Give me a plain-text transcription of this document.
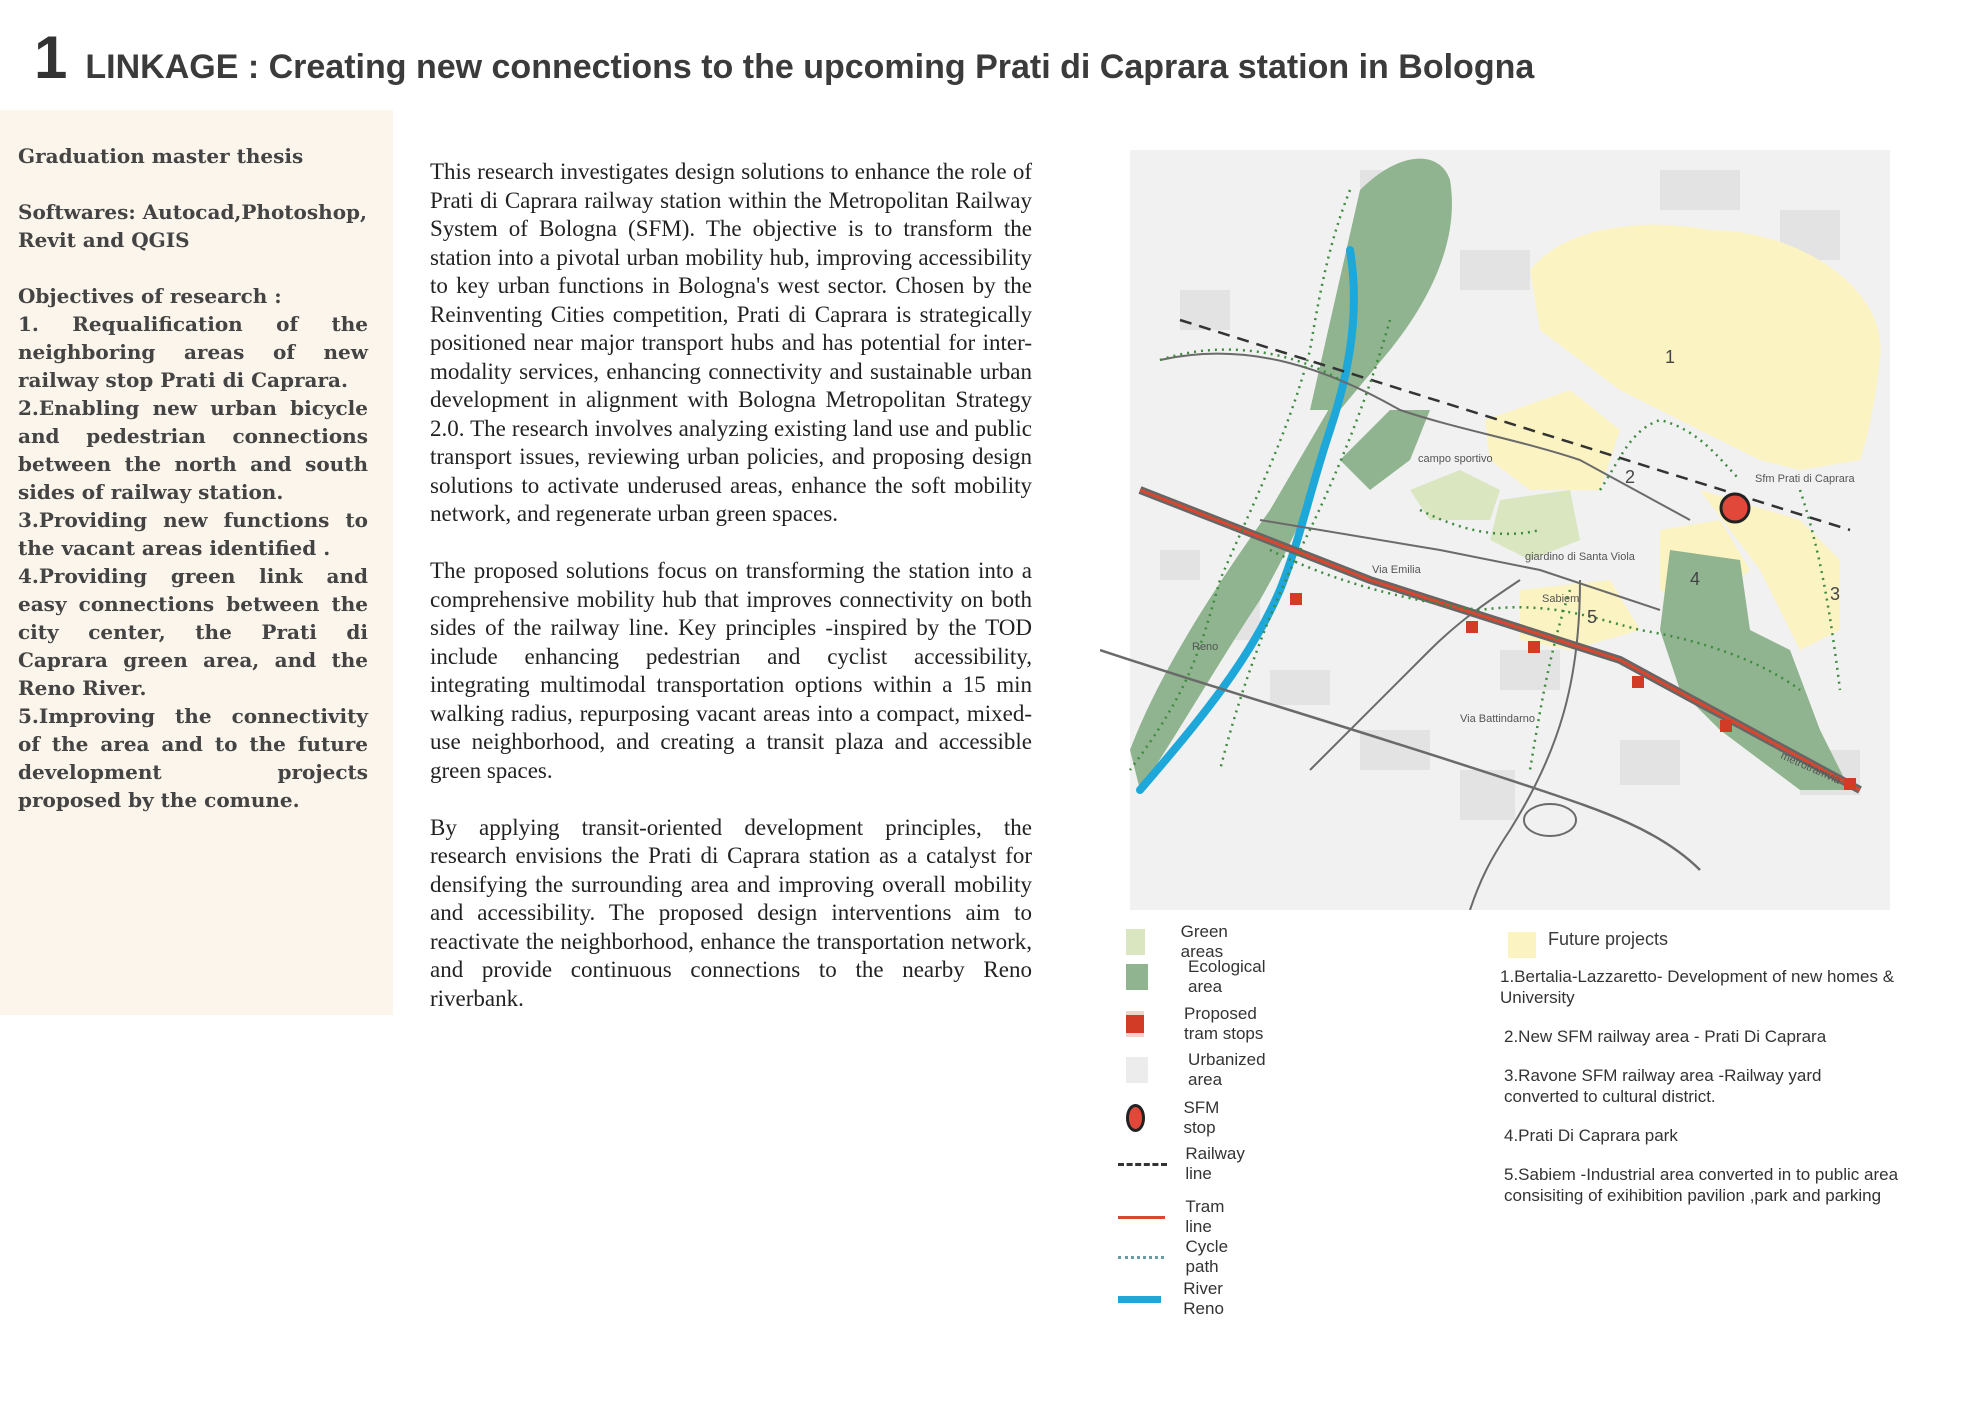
1 LINKAGE : Creating new connections to the upcoming Prati di Caprara station in Bologna

Graduation master thesis

Softwares: Autocad,Photoshop, Revit and QGIS

Objectives of research :
1. Requalification of the neighboring areas of new railway stop Prati di Caprara.
2.Enabling new urban bicycle and pedestrian connections between the north and south sides of railway station.
3.Providing new functions to the vacant areas identified .
4.Providing green link and easy connections between the city center, the Prati di Caprara green area, and the Reno River.
5.Improving the connectivity of the area and to the future development projects proposed by the comune.

This research investigates design solutions to enhance the role of Prati di Caprara railway station within the Metropolitan Railway System of Bologna (SFM). The objective is to transform the station into a pivotal urban mobility hub, improving accessibility to key urban functions in Bologna's west sector. Chosen by the Reinventing Cities competition, Prati di Caprara is strategically positioned near major transport hubs and has potential for inter-modality services, enhancing connectivity and sustainable urban development in alignment with Bologna Metropolitan Strategy 2.0. The research involves analyzing existing land use and public transport issues, reviewing urban policies, and proposing design solutions to activate underused areas, enhance the soft mobility network, and regenerate urban green spaces.

The proposed solutions focus on transforming the station into a comprehensive mobility hub that improves connectivity on both sides of the railway line. Key principles -inspired by the TOD include enhancing pedestrian and cyclist accessibility, integrating multimodal transportation options within a 15 min walking radius, repurposing vacant areas into a compact, mixed-use neighborhood, and creating a transit plaza and accessible green spaces.

By applying transit-oriented development principles, the research envisions the Prati di Caprara station as a catalyst for densifying the surrounding area and improving overall mobility and accessibility. The proposed design interventions aim to reactivate the neighborhood, enhance the transportation network, and provide continuous connections to the nearby Reno riverbank.

campo sportivo
Sfm Prati di Caprara
giardino di Santa Viola
Via Emilia
Sabiem
Reno
Via Battindarno
metrotramvia
1
2
3
4
5
Green areas
Ecological area
Proposed tram stops
Urbanized area
SFM stop
Railway line
Tram line
Cycle path
River Reno
Future projects

1.Bertalia-Lazzaretto- Development of new homes & University

2.New SFM railway area - Prati Di Caprara

3.Ravone SFM railway area -Railway yard converted to cultural district.

4.Prati Di Caprara park

5.Sabiem -Industrial area converted in to public area consisiting of exihibition pavilion ,park and parking
